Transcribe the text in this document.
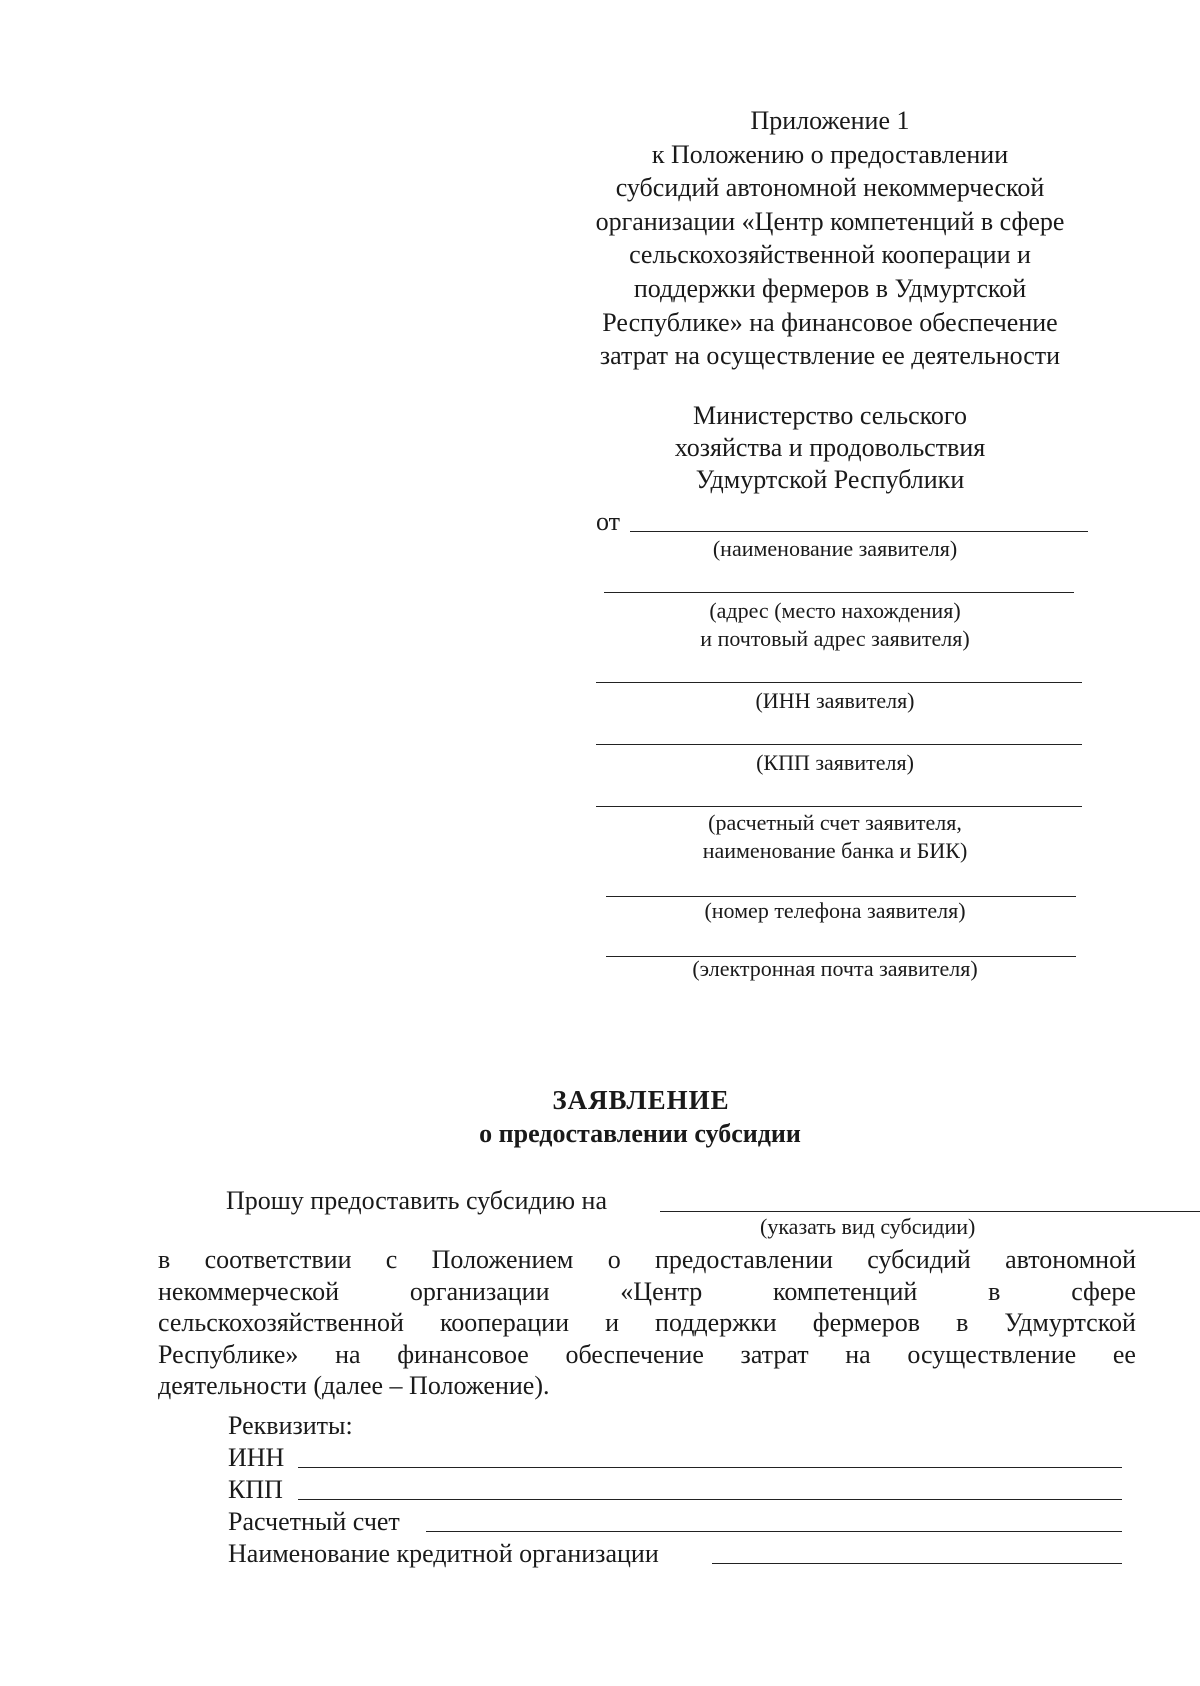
Приложение 1
к Положению о предоставлении
субсидий автономной некоммерческой
организации «Центр компетенций в сфере
сельскохозяйственной кооперации и
поддержки фермеров в Удмуртской
Республике» на финансовое обеспечение
затрат на осуществление ее деятельности
Министерство сельского
хозяйства и продовольствия
Удмуртской Республики
от
(наименование заявителя)
(адрес (место нахождения)
и почтовый адрес заявителя)
(ИНН заявителя)
(КПП заявителя)
(расчетный счет заявителя,
наименование банка и БИК)
(номер телефона заявителя)
(электронная почта заявителя)
ЗАЯВЛЕНИЕ
о предоставлении субсидии
Прошу предоставить субсидию на
(указать вид субсидии)
в соответствии с Положением о предоставлении субсидий автономной
некоммерческой	организации	«Центр	компетенций	в	сфере
сельскохозяйственной кооперации и поддержки фермеров в Удмуртской
Республике» на финансовое обеспечение затрат на осуществление ее
деятельности (далее – Положение).
Реквизиты:
ИНН
КПП
Расчетный счет
Наименование кредитной организации
